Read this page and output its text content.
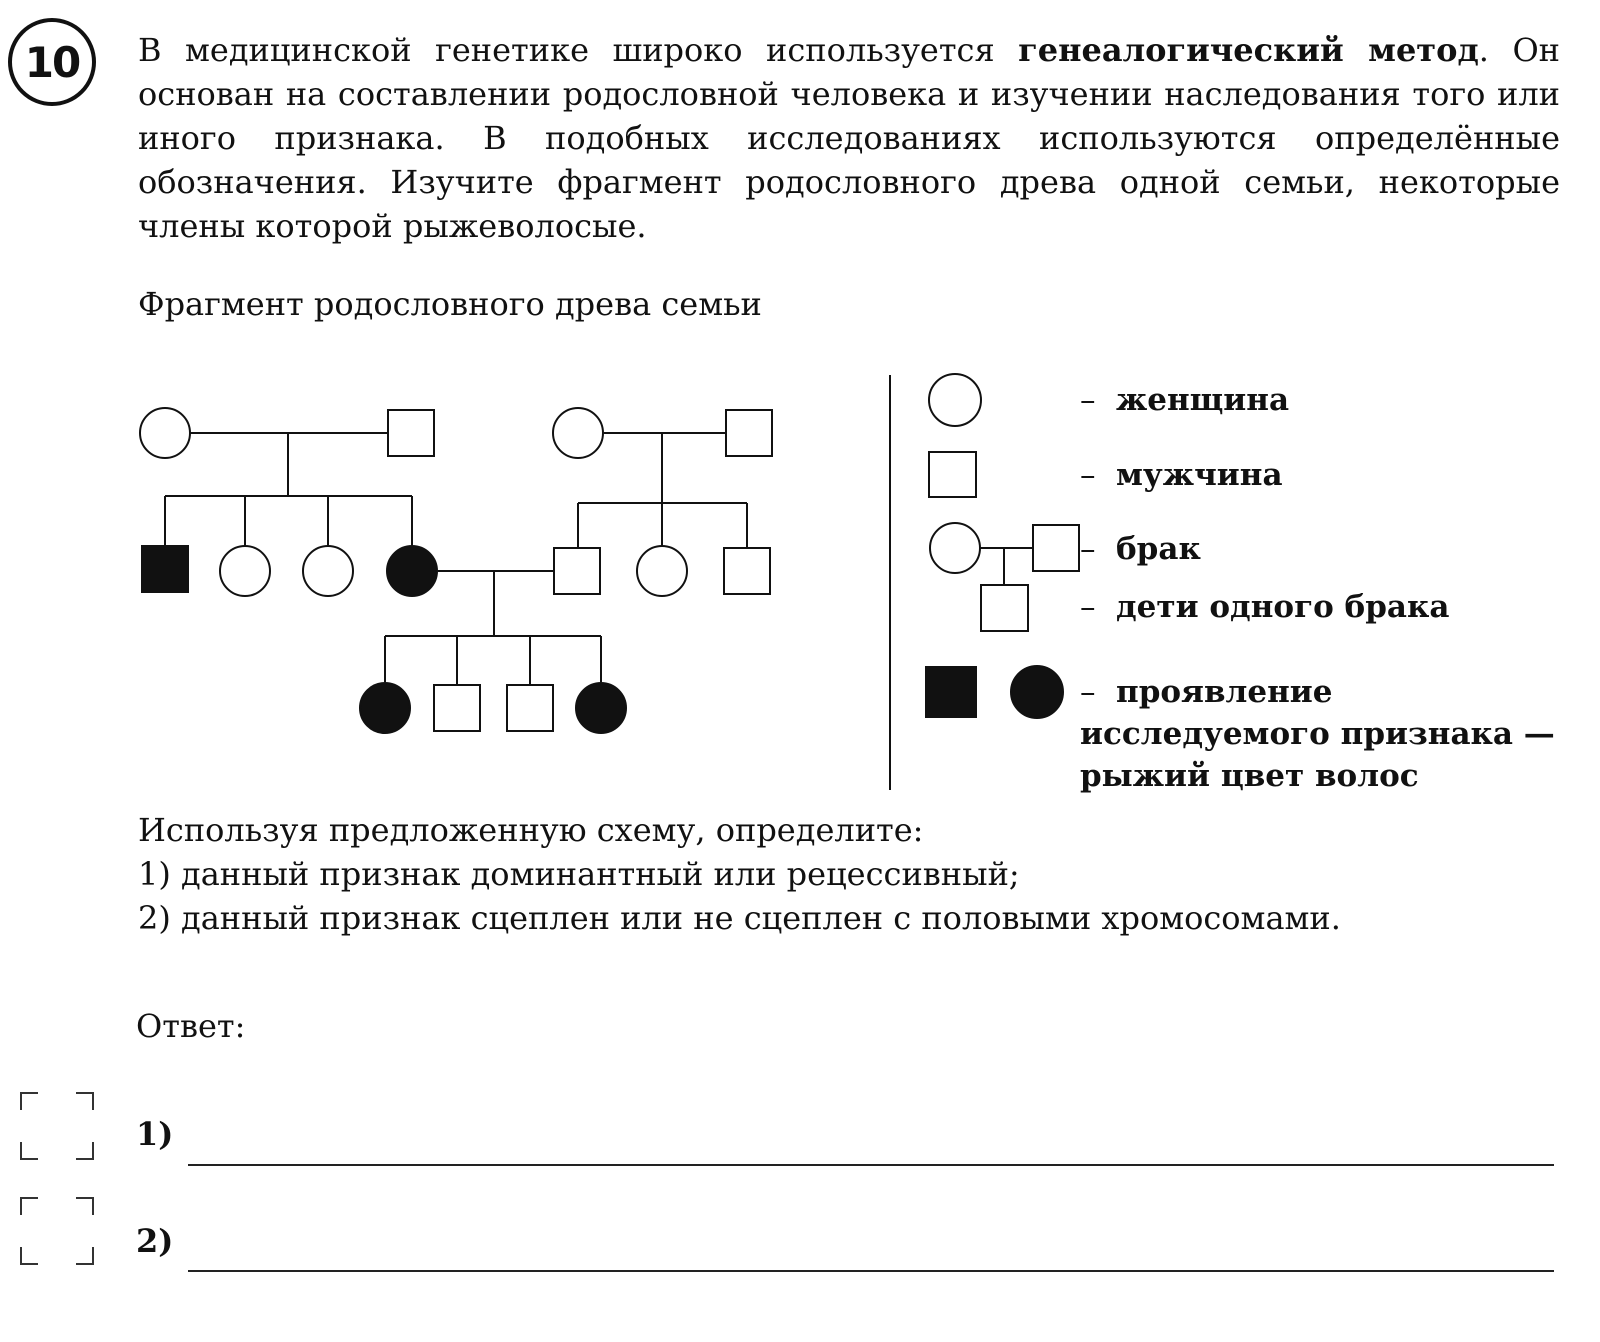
10 В медицинской генетике широко используется генеалогический метод. Он основан на составлении родословной человека и изучении наследования того или иного признака. В подобных исследованиях используются определённые обозначения. Изучите фрагмент родословного древа одной семьи, некоторые члены которой рыжеволосые.
Фрагмент родословного древа семьи
– женщина
– мужчина
– брак
– дети одного брака
– проявление исследуемого признака — рыжий цвет волос
Используя предложенную схему, определите:
1) данный признак доминантный или рецессивный;
2) данный признак сцеплен или не сцеплен с половыми хромосомами.
Ответ:
1)
2)
